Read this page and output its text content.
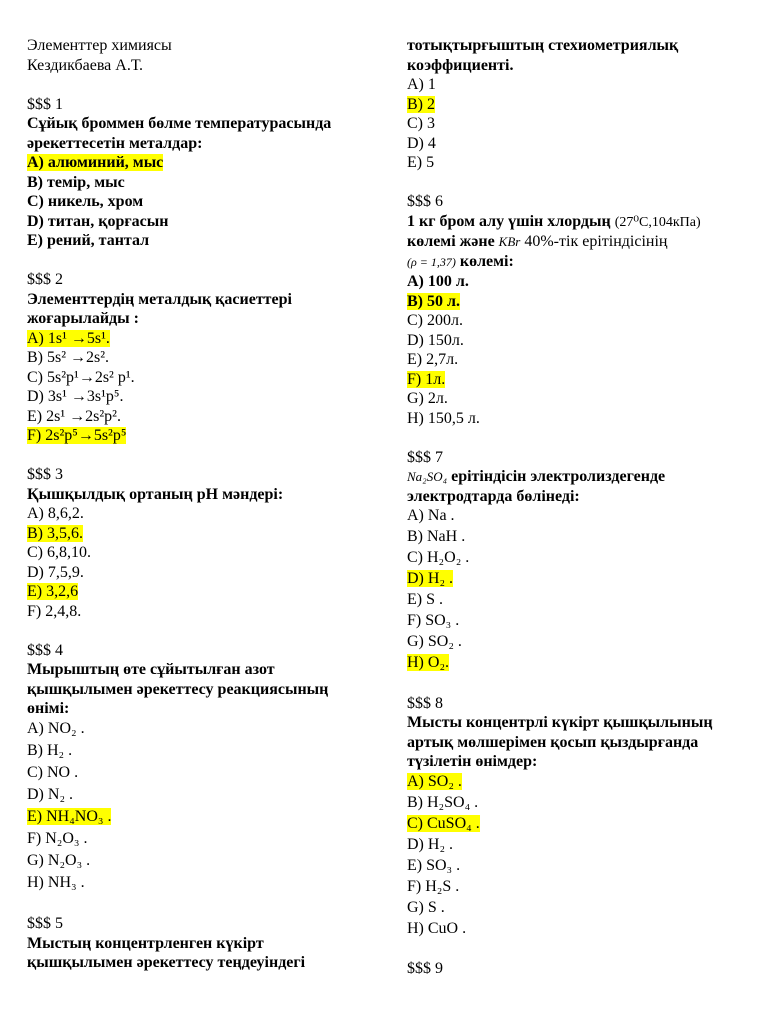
Элементтер химиясы
Кездикбаева А.Т.
$$$ 1
Сұйық броммен бөлме температурасында
әрекеттесетін металдар:
A) алюминий, мыс
B) темір, мыс
C) никель, хром
D) титан, қорғасын
E) рений, тантал
$$$ 2
Элементтердің металдық қасиеттері
жоғарылайды :
A) 1s¹ →5s¹.
B) 5s² →2s².
C) 5s²p¹→2s² p¹.
D) 3s¹ →3s¹p⁵.
E) 2s¹ →2s²p².
F) 2s²p⁵→5s²p⁵
$$$ 3
Қышқылдық ортаның pH мәндері:
A) 8,6,2.
B) 3,5,6.
C) 6,8,10.
D) 7,5,9.
E) 3,2,6
F) 2,4,8.
$$$ 4
Мырыштың өте сұйытылған азот
қышқылымен әрекеттесу реакциясының
өнімі:
A) NO₂ .
B) H₂ .
C) NO .
D) N₂ .
E) NH₄NO₃ .
F) N₂O₃ .
G) N₂O₃ .
H) NH₃ .
$$$ 5
Мыстың концентрленген күкірт
қышқылымен әрекеттесу теңдеуіндегі
тотықтырғыштың стехиометриялық
коэффициенті.
A) 1
B) 2
C) 3
D) 4
E) 5
$$$ 6
1 кг бром алу үшін хлордың (27⁰C,104кПа)
көлемі және KBr 40%-тік ерітіндісінің
(ρ = 1,37) көлемі:
A) 100 л.
B) 50 л.
C) 200л.
D) 150л.
E) 2,7л.
F) 1л.
G) 2л.
H) 150,5 л.
$$$ 7
Na₂SO₄ ерітіндісін электролиздегенде
электродтарда бөлінеді:
A) Na .
B) NaH .
C) H₂O₂ .
D) H₂ .
E) S .
F) SO₃ .
G) SO₂ .
H) O₂.
$$$ 8
Мысты концентрлі күкірт қышқылының
артық мөлшерімен қосып қыздырғанда
түзілетін өнімдер:
A) SO₂ .
B) H₂SO₄ .
C) CuSO₄ .
D) H₂ .
E) SO₃ .
F) H₂S .
G) S .
H) CuO .
$$$ 9
